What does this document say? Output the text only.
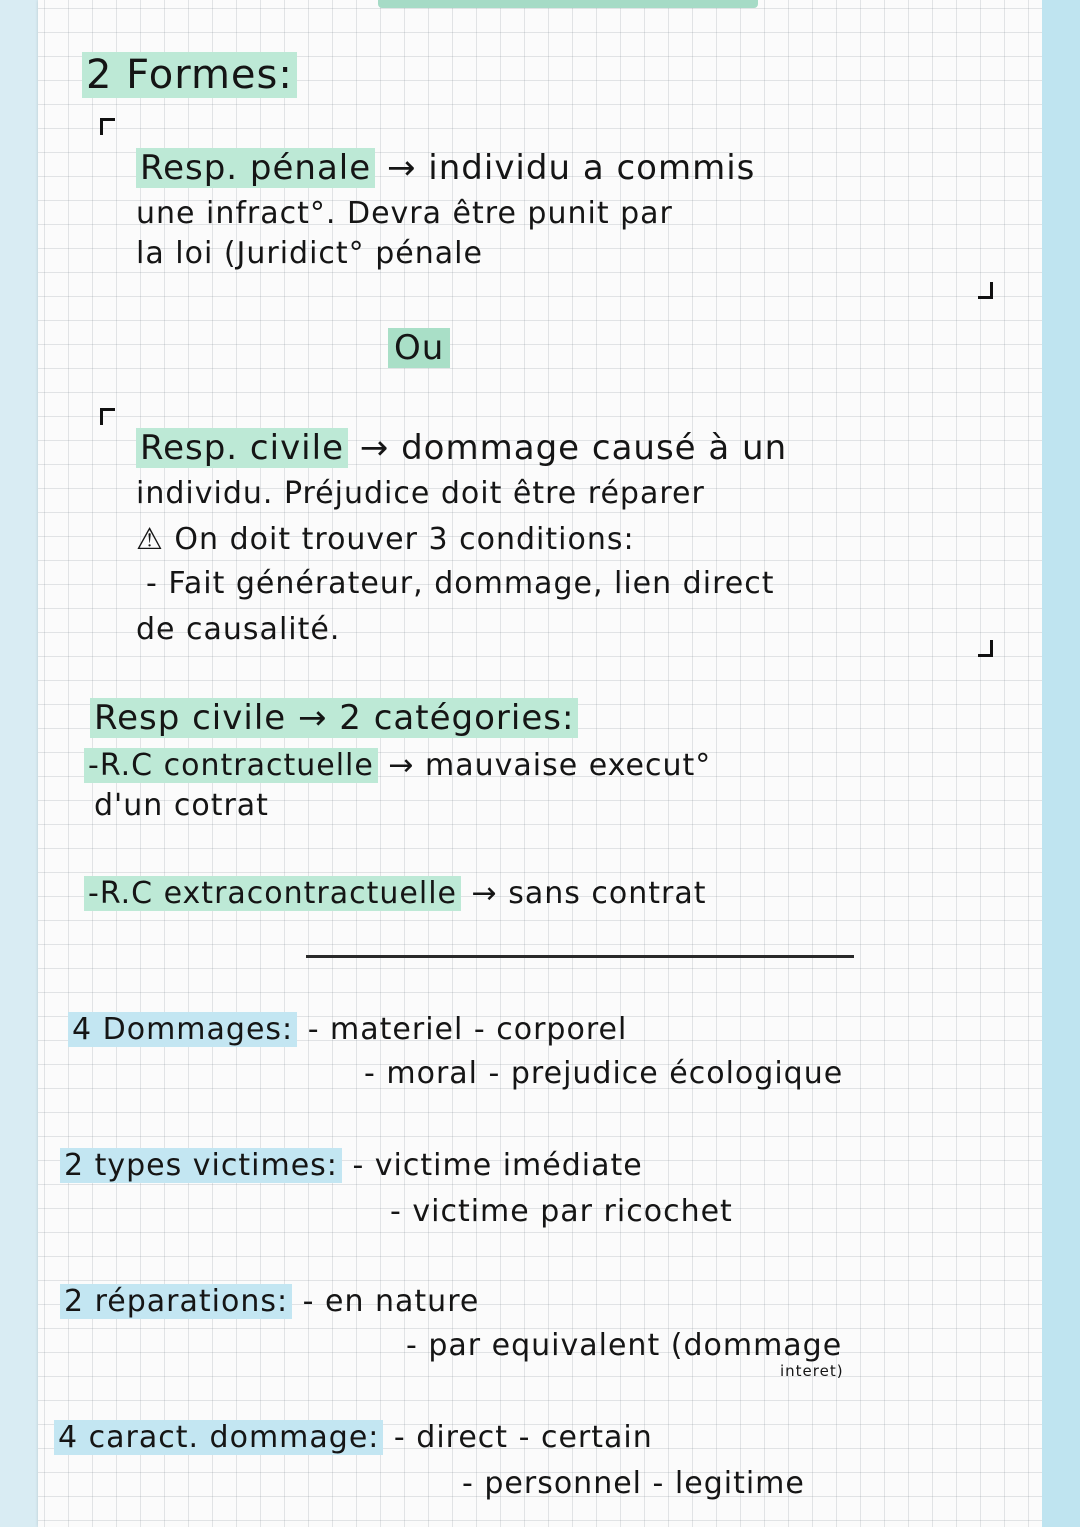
2 Formes:
Resp. pénale → individu a commis
une infract°. Devra être punit par
la loi (Juridict° pénale
Ou
Resp. civile → dommage causé à un
individu. Préjudice doit être réparer
⚠ On doit trouver 3 conditions:
- Fait générateur, dommage, lien direct
de causalité.
Resp civile → 2 catégories:
-R.C contractuelle → mauvaise execut°
d'un cotrat
-R.C extracontractuelle → sans contrat
4 Dommages: - materiel - corporel
- moral - prejudice écologique
2 types victimes: - victime imédiate
- victime par ricochet
2 réparations: - en nature
- par equivalent (dommage
interet)
4 caract. dommage: - direct - certain
- personnel - legitime
